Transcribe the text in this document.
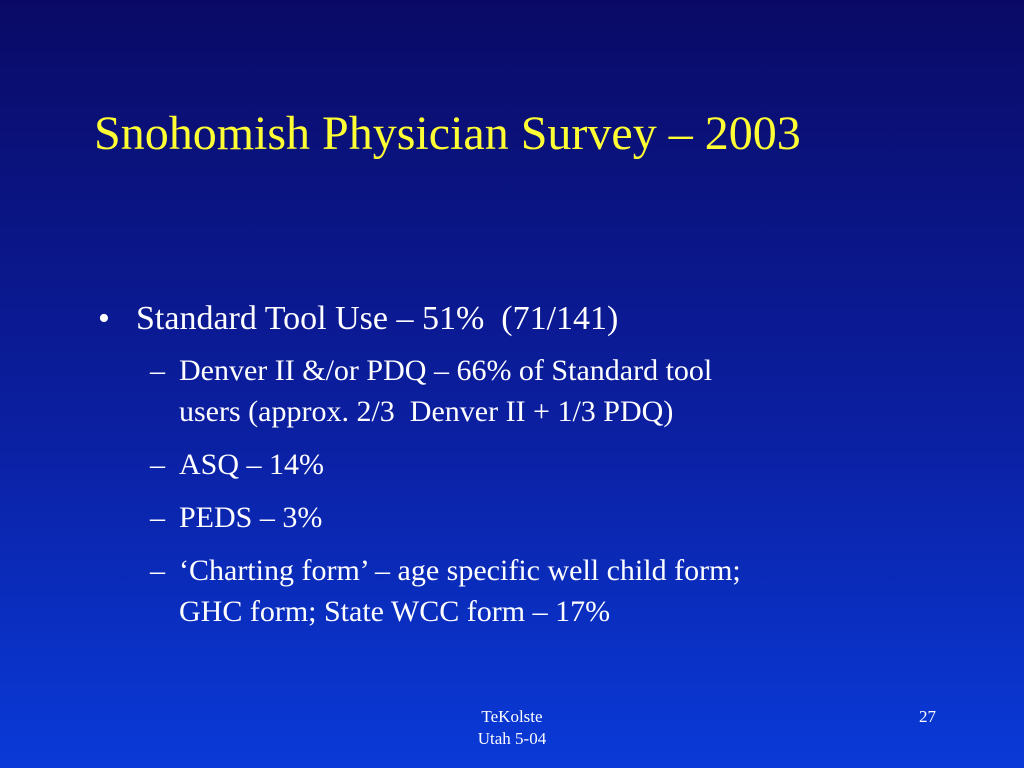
Snohomish Physician Survey – 2003
• Standard Tool Use – 51%  (71/141)
– Denver II &/or PDQ – 66% of Standard tool
users (approx. 2/3  Denver II + 1/3 PDQ)
– ASQ – 14%
– PEDS – 3%
– ‘Charting form’ – age specific well child form;
GHC form; State WCC form – 17%
TeKolste
Utah 5-04
27
